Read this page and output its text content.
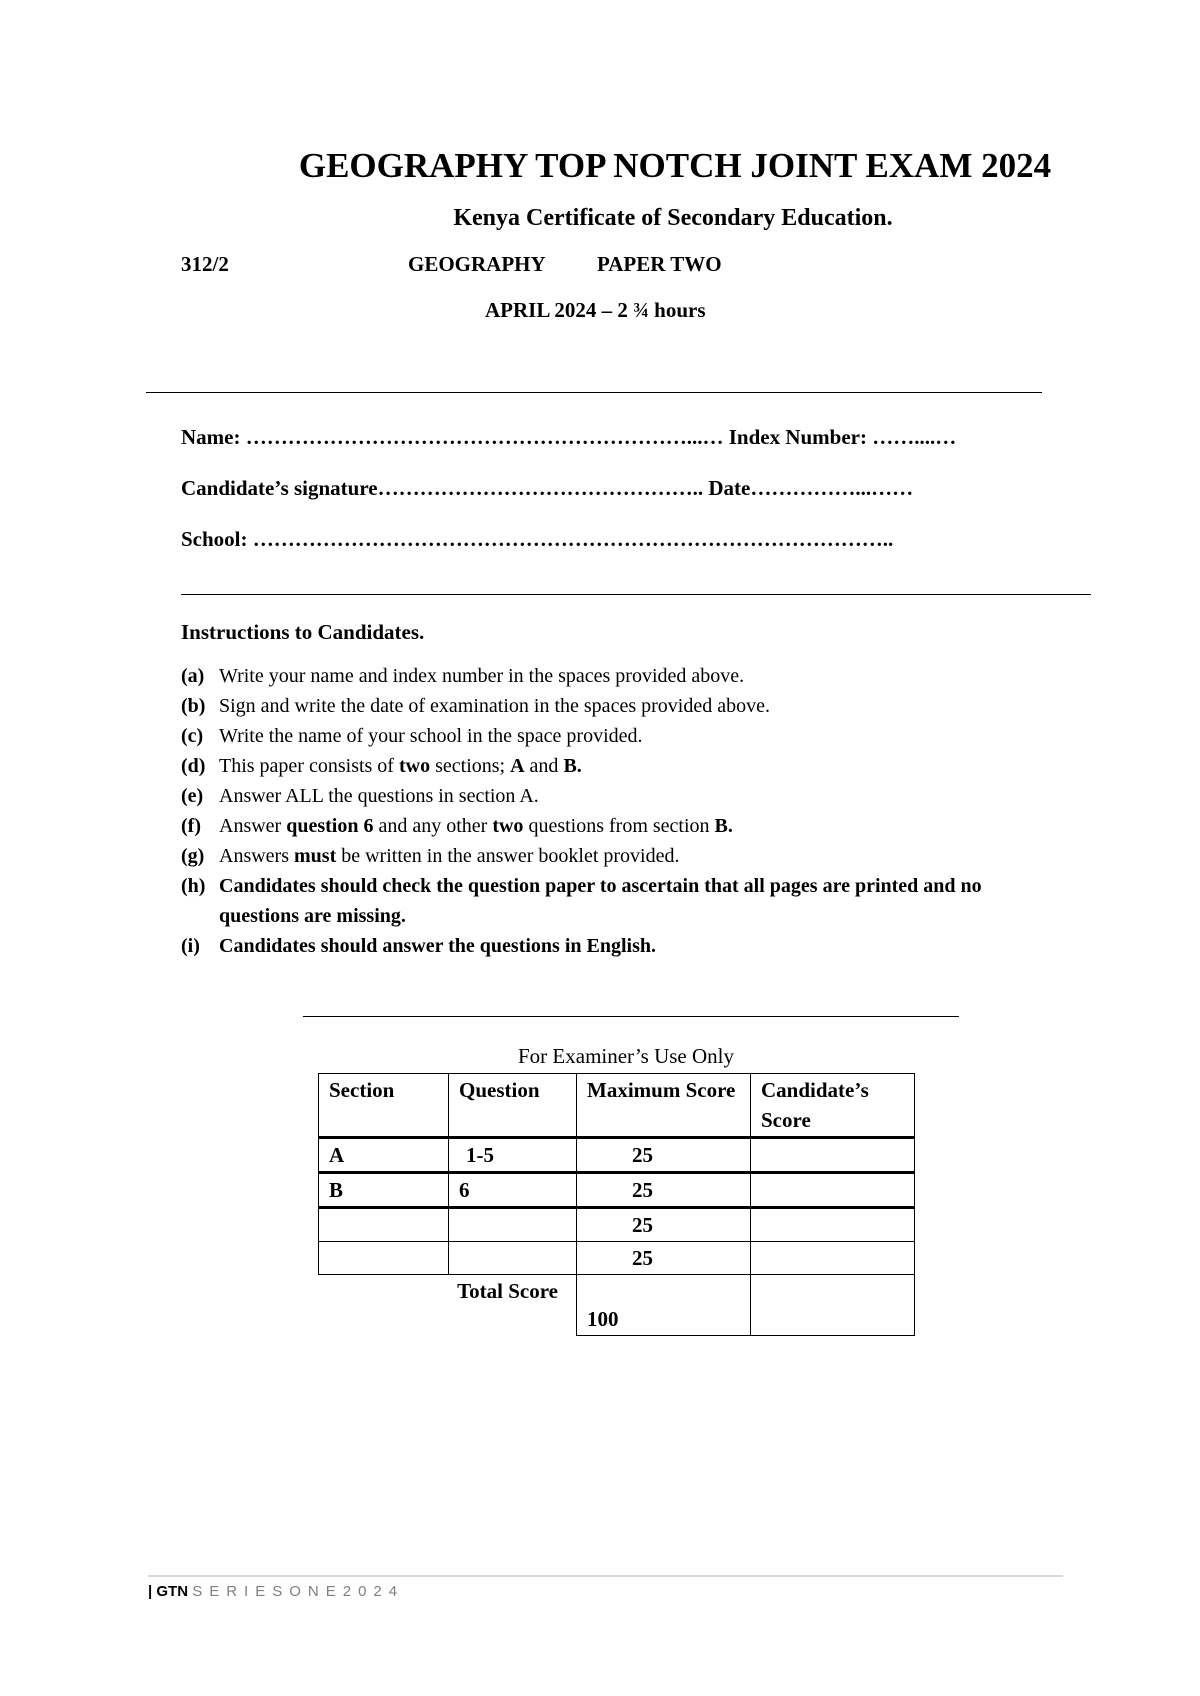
GEOGRAPHY TOP NOTCH JOINT EXAM 2024
Kenya Certificate of Secondary Education.
312/2	GEOGRAPHY PAPER TWO
APRIL 2024 – 2 ¾ hours
Name: ………………………………………………………...… Index Number: ……....…
Candidate’s signature……………………………………….. Date……………...……
School: ………………………………………………………………………………..
Instructions to Candidates.
(a) Write your name and index number in the spaces provided above.
(b) Sign and write the date of examination in the spaces provided above.
(c) Write the name of your school in the space provided.
(d) This paper consists of two sections; A and B.
(e) Answer ALL the questions in section A.
(f) Answer question 6 and any other two questions from section B.
(g) Answers must be written in the answer booklet provided.
(h) Candidates should check the question paper to ascertain that all pages are printed and no questions are missing.
(i) Candidates should answer the questions in English.
For Examiner’s Use Only
Section	Question	Maximum Score	Candidate’s Score
A	1-5	25	
B	6	25	
		25	
		25	
Total Score		100	
| GTN SERIESONE2024
